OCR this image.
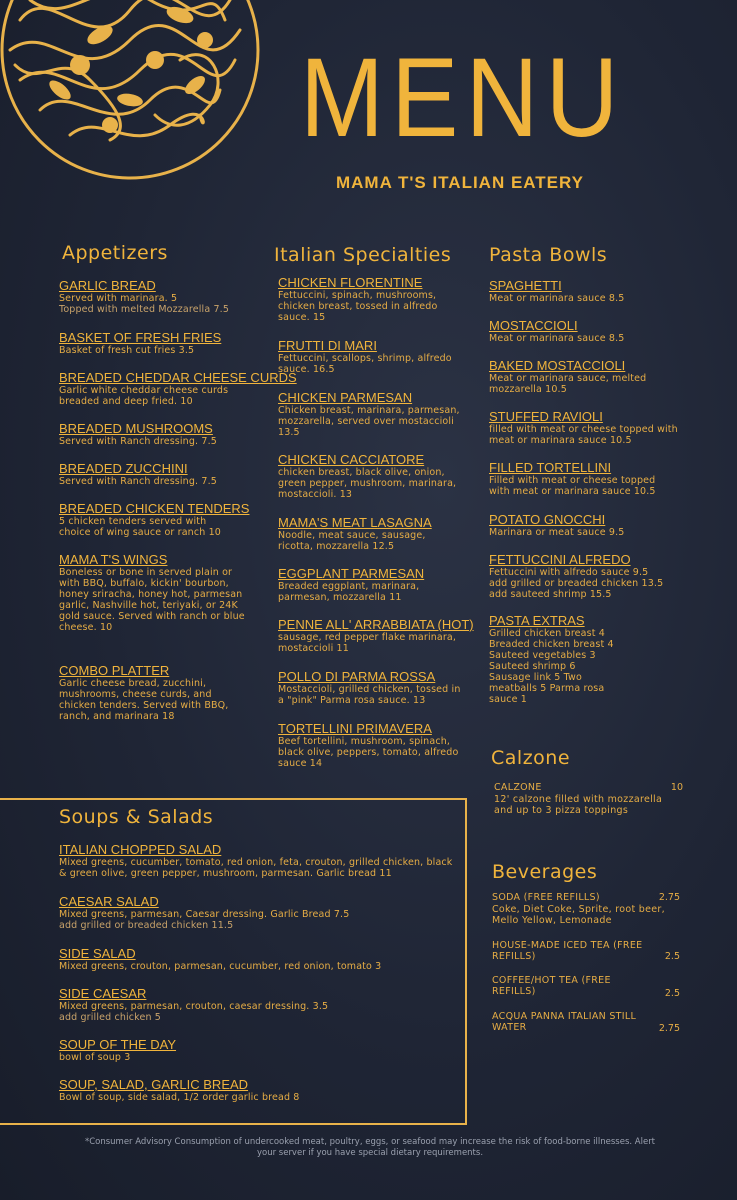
MENU
MAMA T'S ITALIAN EATERY
Appetizers
GARLIC BREAD
Served with marinara. 5
Topped with melted Mozzarella 7.5
BASKET OF FRESH FRIES
Basket of fresh cut fries 3.5
BREADED CHEDDAR CHEESE CURDS
Garlic white cheddar cheese curds breaded and deep fried. 10
BREADED MUSHROOMS
Served with Ranch dressing. 7.5
BREADED ZUCCHINI
Served with Ranch dressing. 7.5
BREADED CHICKEN TENDERS
5 chicken tenders served with choice of wing sauce or ranch 10
MAMA T'S WINGS
Boneless or bone in served plain or with BBQ, buffalo, kickin' bourbon, honey sriracha, honey hot, parmesan garlic, Nashville hot, teriyaki, or 24K gold sauce. Served with ranch or blue cheese. 10
COMBO PLATTER
Garlic cheese bread, zucchini, mushrooms, cheese curds, and chicken tenders. Served with BBQ, ranch, and marinara 18
Italian Specialties
CHICKEN FLORENTINE
Fettuccini, spinach, mushrooms, chicken breast, tossed in alfredo sauce. 15
FRUTTI DI MARI
Fettuccini, scallops, shrimp, alfredo sauce. 16.5
CHICKEN PARMESAN
Chicken breast, marinara, parmesan, mozzarella, served over mostaccioli 13.5
CHICKEN CACCIATORE
chicken breast, black olive, onion, green pepper, mushroom, marinara, mostaccioli. 13
MAMA'S MEAT LASAGNA
Noodle, meat sauce, sausage, ricotta, mozzarella 12.5
EGGPLANT PARMESAN
Breaded eggplant, marinara, parmesan, mozzarella 11
PENNE ALL' ARRABBIATA (HOT)
sausage, red pepper flake marinara, mostaccioli 11
POLLO DI PARMA ROSSA
Mostaccioli, grilled chicken, tossed in a "pink" Parma rosa sauce. 13
TORTELLINI PRIMAVERA
Beef tortellini, mushroom, spinach, black olive, peppers, tomato, alfredo sauce 14
Pasta Bowls
SPAGHETTI
Meat or marinara sauce 8.5
MOSTACCIOLI
Meat or marinara sauce 8.5
BAKED MOSTACCIOLI
Meat or marinara sauce, melted mozzarella 10.5
STUFFED RAVIOLI
filled with meat or cheese topped with meat or marinara sauce 10.5
FILLED TORTELLINI
Filled with meat or cheese topped with meat or marinara sauce 10.5
POTATO GNOCCHI
Marinara or meat sauce 9.5
FETTUCCINI ALFREDO
Fettuccini with alfredo sauce 9.5 add grilled or breaded chicken 13.5 add sauteed shrimp 15.5
PASTA EXTRAS
Grilled chicken breast 4 Breaded chicken breast 4 Sauteed vegetables 3 Sauteed shrimp 6 Sausage link 5 Two meatballs 5 Parma rosa sauce 1
Calzone
CALZONE	10
12' calzone filled with mozzarella and up to 3 pizza toppings
Beverages
SODA (FREE REFILLS)	2.75
Coke, Diet Coke, Sprite, root beer, Mello Yellow, Lemonade
HOUSE-MADE ICED TEA (FREE REFILLS)	2.5
COFFEE/HOT TEA (FREE REFILLS)	2.5
ACQUA PANNA ITALIAN STILL WATER	2.75
Soups & Salads
ITALIAN CHOPPED SALAD
Mixed greens, cucumber, tomato, red onion, feta, crouton, grilled chicken, black & green olive, green pepper, mushroom, parmesan. Garlic bread 11
CAESAR SALAD
Mixed greens, parmesan, Caesar dressing. Garlic Bread 7.5
add grilled or breaded chicken 11.5
SIDE SALAD
Mixed greens, crouton, parmesan, cucumber, red onion, tomato 3
SIDE CAESAR
Mixed greens, parmesan, crouton, caesar dressing. 3.5
add grilled chicken 5
SOUP OF THE DAY
bowl of soup 3
SOUP, SALAD, GARLIC BREAD
Bowl of soup, side salad, 1/2 order garlic bread 8
*Consumer Advisory Consumption of undercooked meat, poultry, eggs, or seafood may increase the risk of food-borne illnesses. Alert your server if you have special dietary requirements.
